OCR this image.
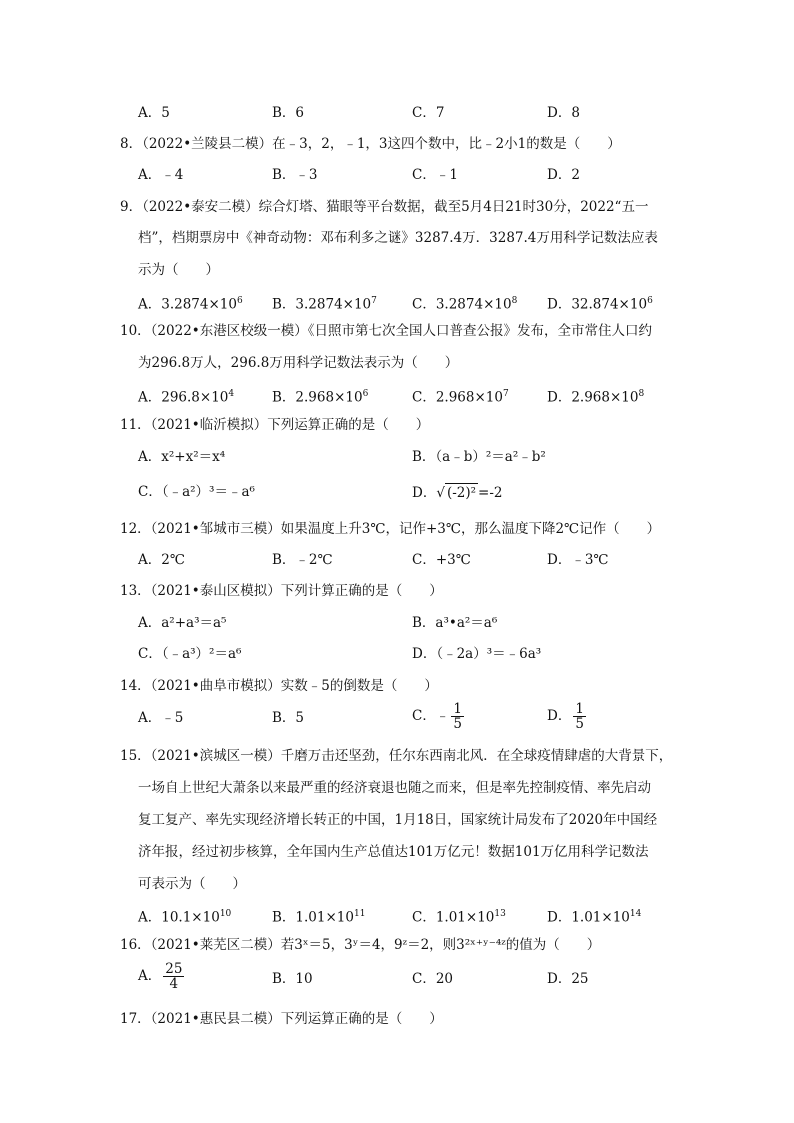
A．5	B．6	C．7	D．8
8．（2022•兰陵县二模）在﹣3，2，﹣1，3这四个数中，比﹣2小1的数是（　　）
A．﹣4	B．﹣3	C．﹣1	D．2
9．（2022•泰安二模）综合灯塔、猫眼等平台数据，截至5月4日21时30分，2022“五一
档”，档期票房中《神奇动物：邓布利多之谜》3287.4万．3287.4万用科学记数法应表
示为（　　）
A．$3.2874\times 10^6$ B．$3.2874\times 10^7$	C．$3.2874\times 10^8$ D．$32.874\times 10^6$
10．（2022•东港区校级一模）《日照市第七次全国人口普查公报》发布，全市常住人口约
为296.8万人，296.8万用科学记数法表示为（　　）
A．$296.8\times 10^4$	B．$2.968\times 10^6$	C．$2.968\times 10^7$	D．$2.968\times 10^8$
11．（2021•临沂模拟）下列运算正确的是（　　）
A．x²+x²＝x⁴	B．（a﹣b）²＝a²﹣b²
C．（﹣a²）³＝﹣a⁶	D．√ (-2)² =-2
12．（2021•邹城市三模）如果温度上升3℃，记作+3℃，那么温度下降2℃记作（　　）
A．2℃	B．﹣2℃	C．+3℃	D．﹣3℃
13．（2021•泰山区模拟）下列计算正确的是（　　）
A．a²+a³＝a⁵	B．a³•a²＝a⁶
C．（﹣a³）²＝a⁶	D．（﹣2a）³＝﹣6a³
14．（2021•曲阜市模拟）实数﹣5的倒数是（　　）
A．﹣5	B．5	C．﹣ $\frac{1}{5}$	D． $\frac{1}{5}$
15．（2021•滨城区一模）千磨万击还坚劲，任尔东西南北风．在全球疫情肆虐的大背景下，
一场自上世纪大萧条以来最严重的经济衰退也随之而来，但是率先控制疫情、率先启动
复工复产、率先实现经济增长转正的中国，1月18日，国家统计局发布了2020年中国经
济年报，经过初步核算，全年国内生产总值达101万亿元！数据101万亿用科学记数法
可表示为（　　）
A．$10.1\times 10^{10}$	B．$1.01\times 10^{11}$	C．$1.01\times 10^{13}$	D．$1.01\times 10^{14}$
16．（2021•莱芜区二模）若3ˣ＝5，3ʸ＝4，9ᶻ＝2，则3²ˣ⁺ʸ⁻⁴ᶻ的值为（　　）
A． $\frac{25}{4}$	B．10	C．20	D．25
17．（2021•惠民县二模）下列运算正确的是（　　）
